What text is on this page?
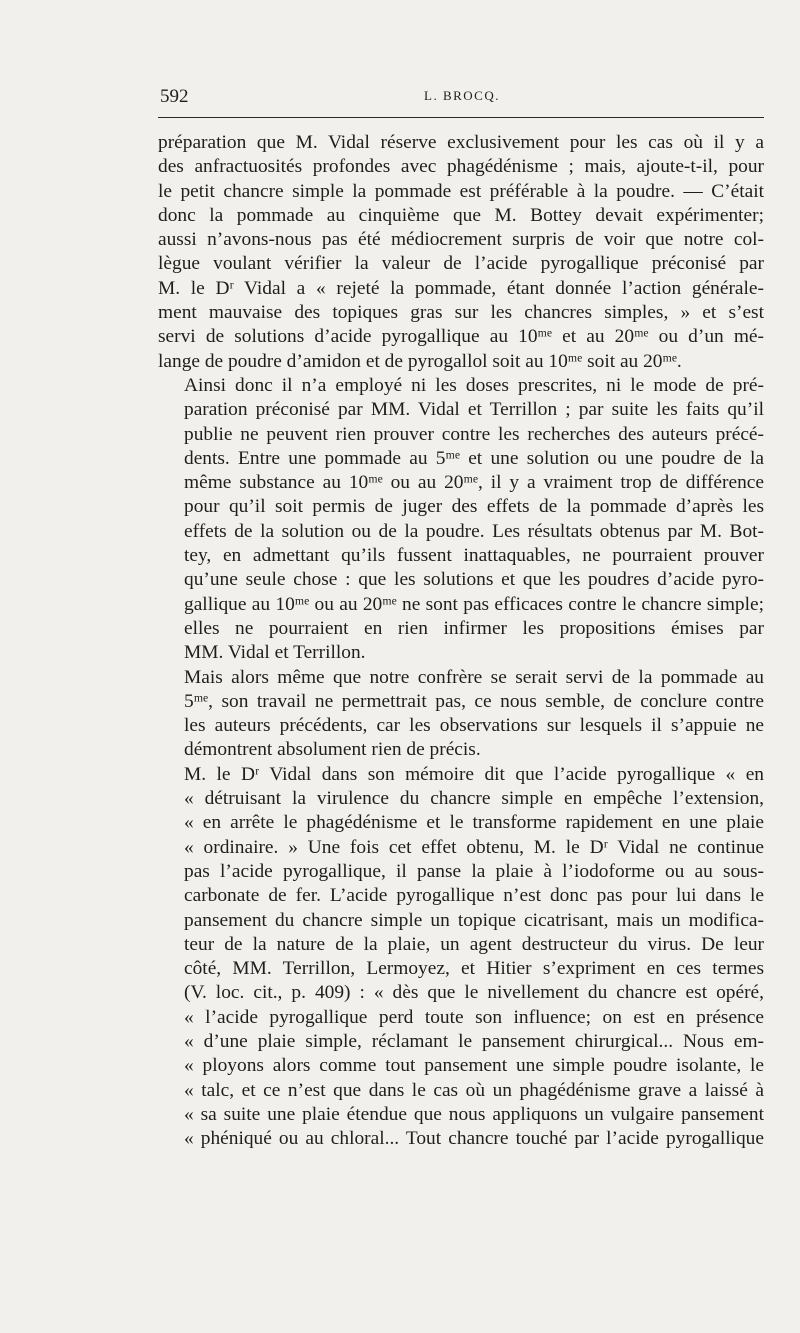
592	L. BROCQ.

préparation que M. Vidal réserve exclusivement pour les cas où il y a
des anfractuosités profondes avec phagédénisme ; mais, ajoute-t-il, pour
le petit chancre simple la pommade est préférable à la poudre. — C’était
donc la pommade au cinquième que M. Bottey devait expérimenter;
aussi n’avons-nous pas été médiocrement surpris de voir que notre col-
lègue voulant vérifier la valeur de l’acide pyrogallique préconisé par
M. le Dʳ Vidal a « rejeté la pommade, étant donnée l’action générale-
ment mauvaise des topiques gras sur les chancres simples, » et s’est
servi de solutions d’acide pyrogallique au 10ᵐᵉ et au 20ᵐᵉ ou d’un mé-
lange de poudre d’amidon et de pyrogallol soit au 10ᵐᵉ soit au 20ᵐᵉ.

Ainsi donc il n’a employé ni les doses prescrites, ni le mode de pré-
paration préconisé par MM. Vidal et Terrillon ; par suite les faits qu’il
publie ne peuvent rien prouver contre les recherches des auteurs précé-
dents. Entre une pommade au 5ᵐᵉ et une solution ou une poudre de la
même substance au 10ᵐᵉ ou au 20ᵐᵉ, il y a vraiment trop de différence
pour qu’il soit permis de juger des effets de la pommade d’après les
effets de la solution ou de la poudre. Les résultats obtenus par M. Bot-
tey, en admettant qu’ils fussent inattaquables, ne pourraient prouver
qu’une seule chose : que les solutions et que les poudres d’acide pyro-
gallique au 10ᵐᵉ ou au 20ᵐᵉ ne sont pas efficaces contre le chancre simple;
elles ne pourraient en rien infirmer les propositions émises par
MM. Vidal et Terrillon.

Mais alors même que notre confrère se serait servi de la pommade au
5ᵐᵉ, son travail ne permettrait pas, ce nous semble, de conclure contre
les auteurs précédents, car les observations sur lesquels il s’appuie ne
démontrent absolument rien de précis.

M. le Dʳ Vidal dans son mémoire dit que l’acide pyrogallique « en
« détruisant la virulence du chancre simple en empêche l’extension,
« en arrête le phagédénisme et le transforme rapidement en une plaie
« ordinaire. » Une fois cet effet obtenu, M. le Dʳ Vidal ne continue
pas l’acide pyrogallique, il panse la plaie à l’iodoforme ou au sous-
carbonate de fer. L’acide pyrogallique n’est donc pas pour lui dans le
pansement du chancre simple un topique cicatrisant, mais un modifica-
teur de la nature de la plaie, un agent destructeur du virus. De leur
côté, MM. Terrillon, Lermoyez, et Hitier s’expriment en ces termes
(V. loc. cit., p. 409) : « dès que le nivellement du chancre est opéré,
« l’acide pyrogallique perd toute son influence; on est en présence
« d’une plaie simple, réclamant le pansement chirurgical... Nous em-
« ployons alors comme tout pansement une simple poudre isolante, le
« talc, et ce n’est que dans le cas où un phagédénisme grave a laissé à
« sa suite une plaie étendue que nous appliquons un vulgaire pansement
« phéniqué ou au chloral... Tout chancre touché par l’acide pyrogallique
